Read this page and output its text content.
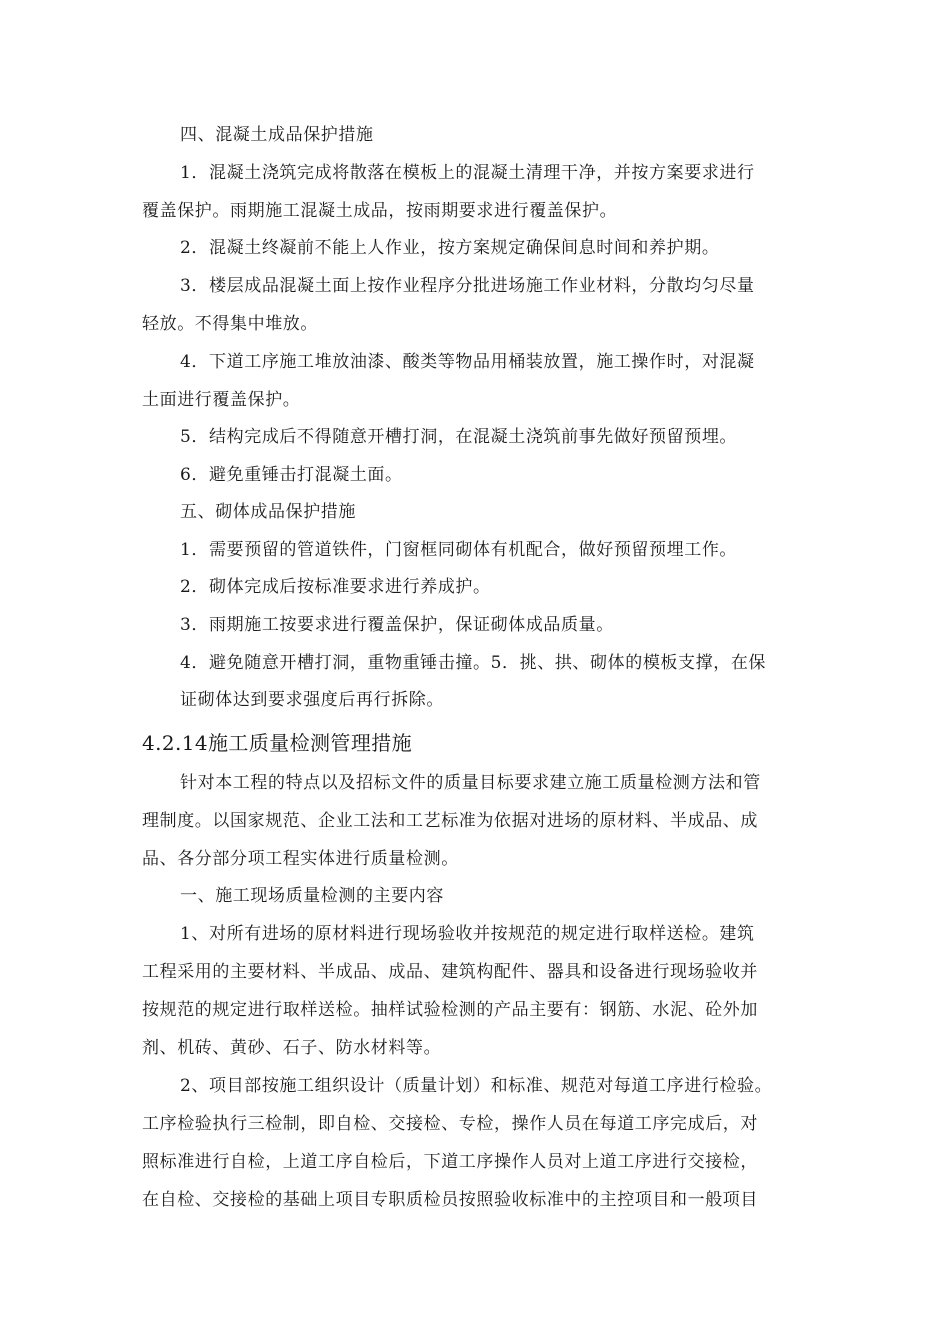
四、混凝土成品保护措施
1．混凝土浇筑完成将散落在模板上的混凝土清理干净，并按方案要求进行
覆盖保护。雨期施工混凝土成品，按雨期要求进行覆盖保护。
2．混凝土终凝前不能上人作业，按方案规定确保间息时间和养护期。
3．楼层成品混凝土面上按作业程序分批进场施工作业材料，分散均匀尽量
轻放。不得集中堆放。
4．下道工序施工堆放油漆、酸类等物品用桶装放置，施工操作时，对混凝
土面进行覆盖保护。
5．结构完成后不得随意开槽打洞，在混凝土浇筑前事先做好预留预埋。
6．避免重锤击打混凝土面。
五、砌体成品保护措施
1．需要预留的管道铁件，门窗框同砌体有机配合，做好预留预埋工作。
2．砌体完成后按标准要求进行养成护。
3．雨期施工按要求进行覆盖保护，保证砌体成品质量。
4．避免随意开槽打洞，重物重锤击撞。5．挑、拱、砌体的模板支撑，在保
证砌体达到要求强度后再行拆除。
4.2.14施工质量检测管理措施
针对本工程的特点以及招标文件的质量目标要求建立施工质量检测方法和管
理制度。以国家规范、企业工法和工艺标准为依据对进场的原材料、半成品、成
品、各分部分项工程实体进行质量检测。
一、施工现场质量检测的主要内容
1、对所有进场的原材料进行现场验收并按规范的规定进行取样送检。建筑
工程采用的主要材料、半成品、成品、建筑构配件、器具和设备进行现场验收并
按规范的规定进行取样送检。抽样试验检测的产品主要有：钢筋、水泥、砼外加
剂、机砖、黄砂、石子、防水材料等。
2、项目部按施工组织设计（质量计划）和标准、规范对每道工序进行检验。
工序检验执行三检制，即自检、交接检、专检，操作人员在每道工序完成后，对
照标准进行自检，上道工序自检后，下道工序操作人员对上道工序进行交接检，
在自检、交接检的基础上项目专职质检员按照验收标准中的主控项目和一般项目
